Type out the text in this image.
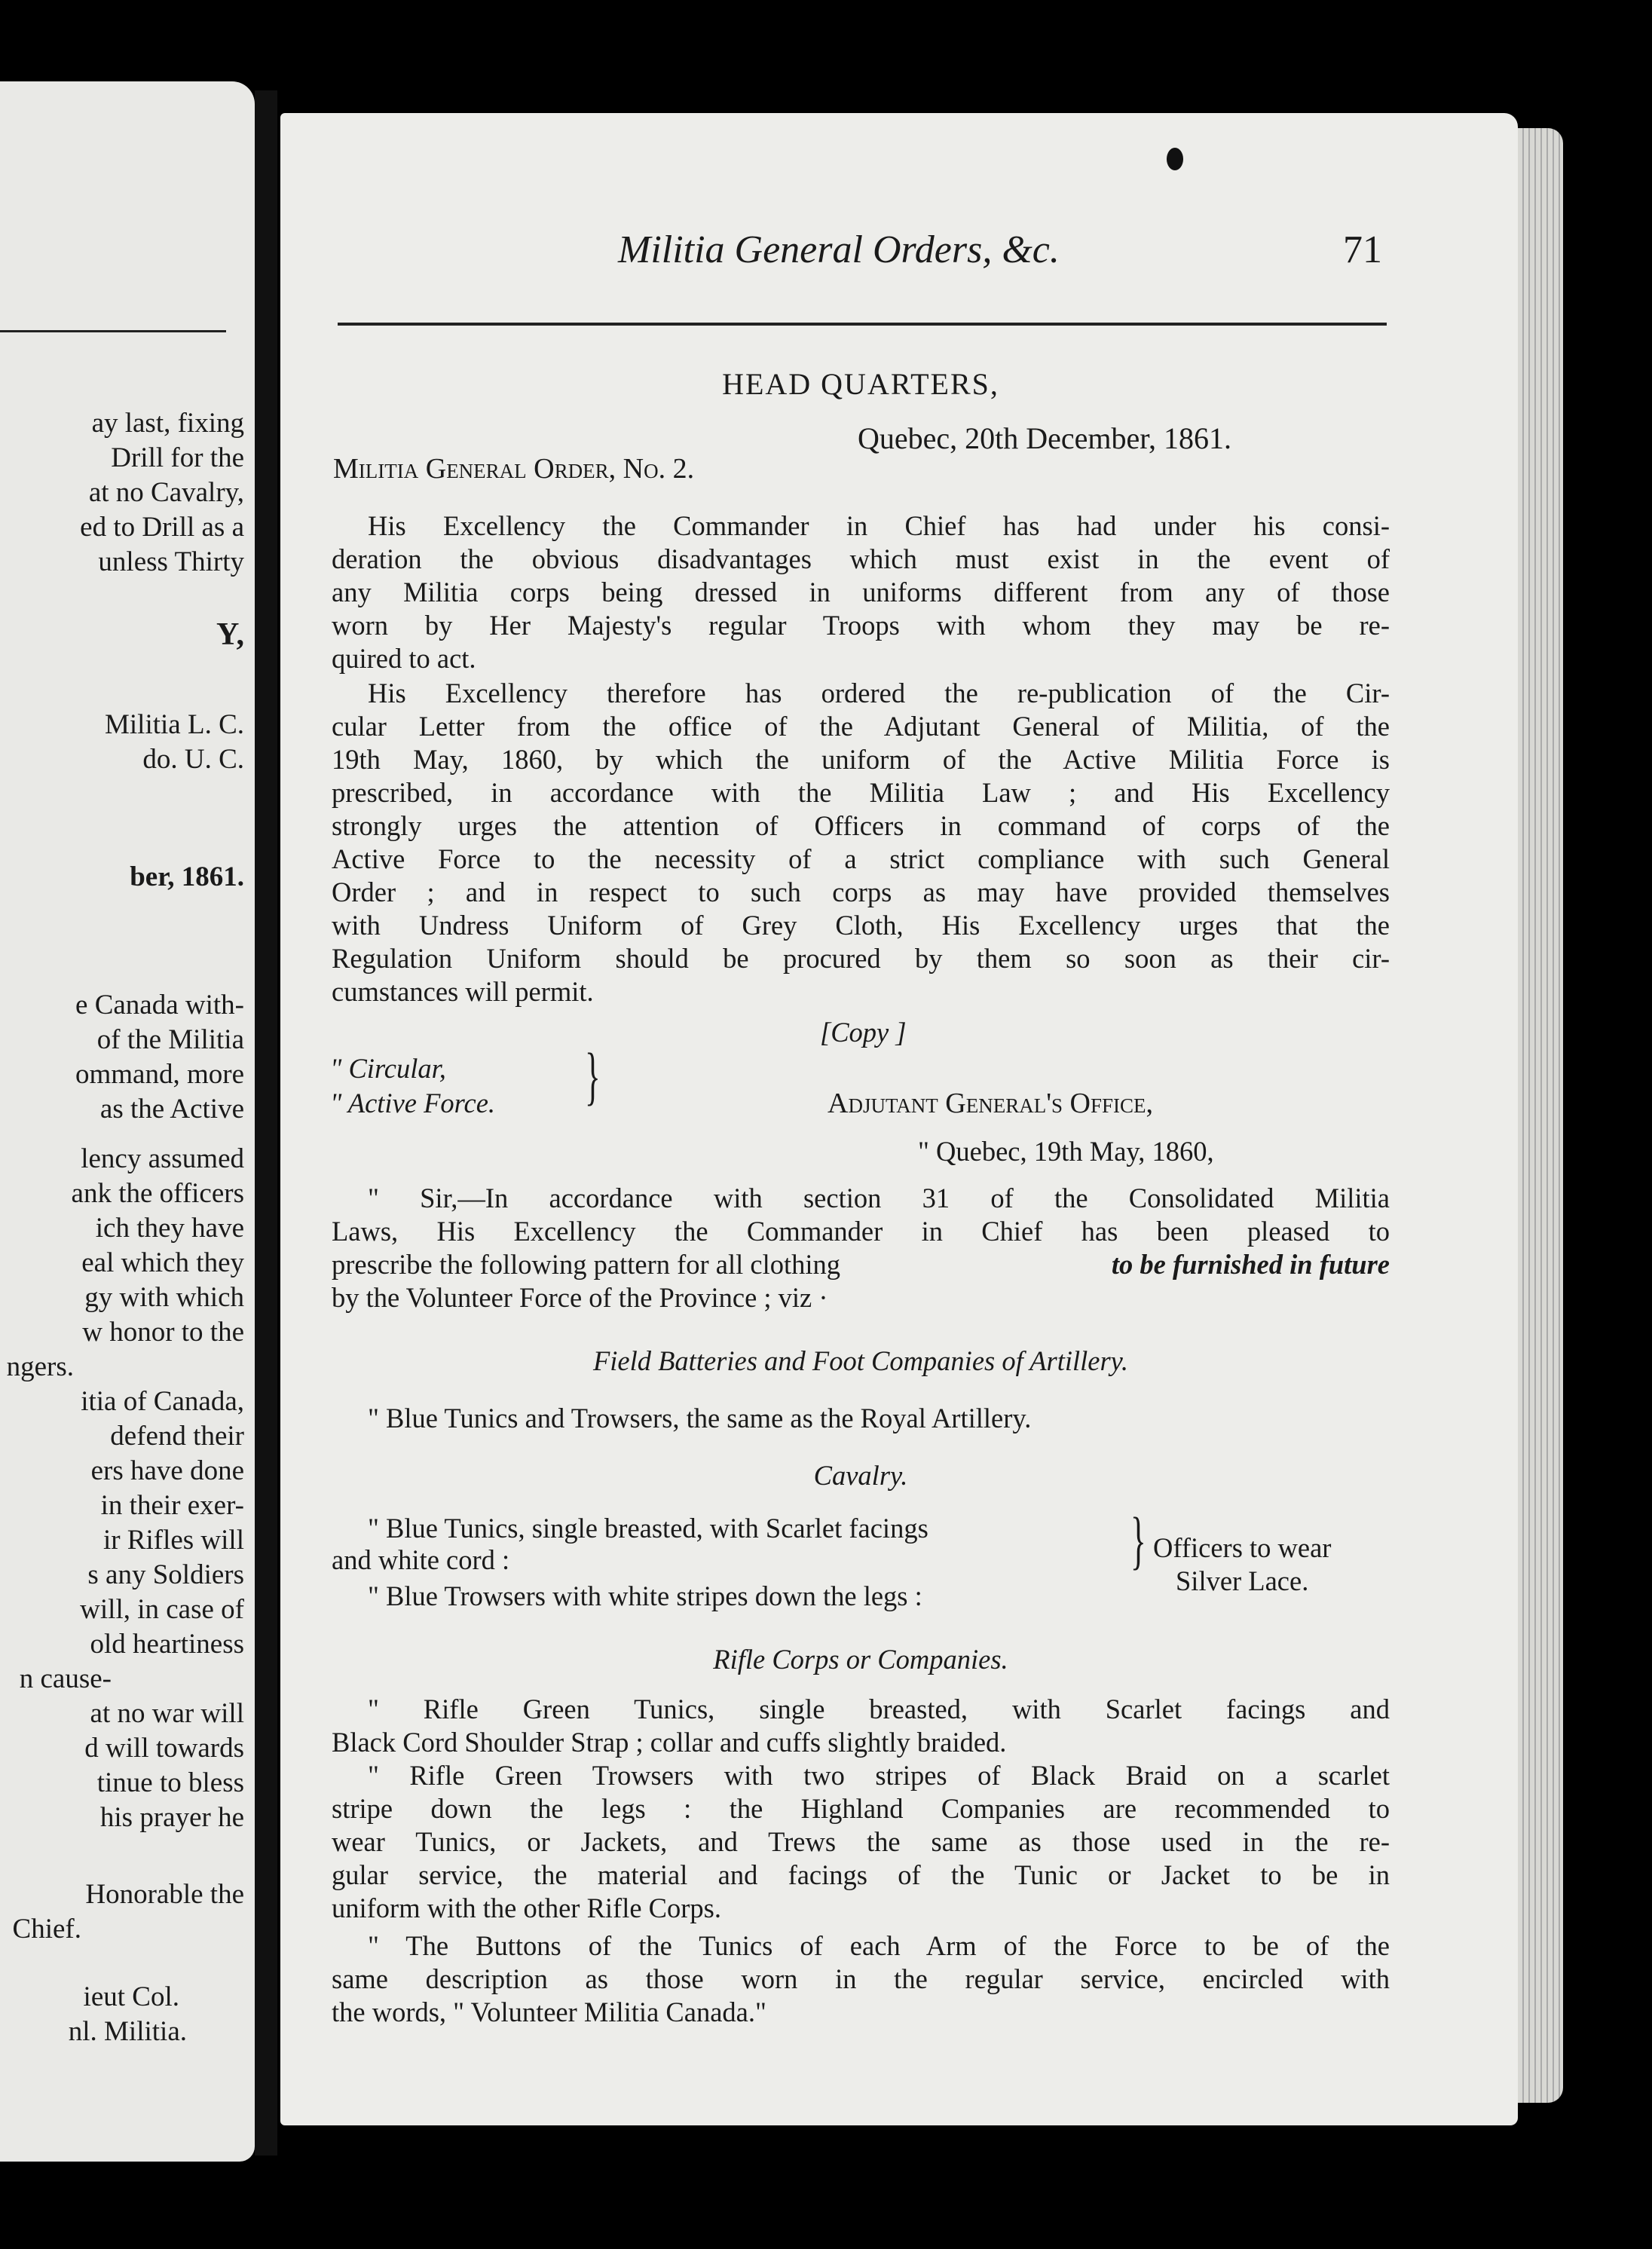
ay last, fixing
Drill for the
at no Cavalry,
ed to Drill as a
unless Thirty
Y,
Militia L. C.
do. U. C.
ber, 1861.
e Canada with-
of the Militia
ommand, more
as the Active
lency assumed
ank the officers
ich they have
eal which they
gy with which
w honor to the
ngers.
itia of Canada,
defend their
ers have done
in their exer-
ir Rifles will
s any Soldiers
will, in case of
old heartiness
n cause-
at no war will
d will towards
tinue to bless
his prayer he
Honorable the
Chief.
ieut Col.
nl. Militia.
Militia General Orders, &c.	71
HEAD QUARTERS,
Quebec, 20th December, 1861.
Militia General Order, No. 2.
His Excellency the Commander in Chief has had under his consi-
deration the obvious disadvantages which must exist in the event of
any Militia corps being dressed in uniforms different from any of those
worn by Her Majesty's regular Troops with whom they may be re-
quired to act.
His Excellency therefore has ordered the re-publication of the Cir-
cular Letter from the office of the Adjutant General of Militia, of the
19th May, 1860, by which the uniform of the Active Militia Force is
prescribed, in accordance with the Militia Law ; and His Excellency
strongly urges the attention of Officers in command of corps of the
Active Force to the necessity of a strict compliance with such General
Order ; and in respect to such corps as may have provided themselves
with Undress Uniform of Grey Cloth, His Excellency urges that the
Regulation Uniform should be procured by them so soon as their cir-
cumstances will permit.
[Copy ]
" Circular,
" Active Force. }	Adjutant General's Office,
" Quebec, 19th May, 1860,
" Sir,—In accordance with section 31 of the Consolidated Militia
Laws, His Excellency the Commander in Chief has been pleased to
prescribe the following pattern for all clothing	to be furnished in future
by the Volunteer Force of the Province ; viz ·
Field Batteries and Foot Companies of Artillery.
" Blue Tunics and Trowsers, the same as the Royal Artillery.
Cavalry.
" Blue Tunics, single breasted, with Scarlet facings
and white cord :
" Blue Trowsers with white stripes down the legs :
} Officers to wear
Silver Lace.
Rifle Corps or Companies.
" Rifle Green Tunics, single breasted, with Scarlet facings and
Black Cord Shoulder Strap ; collar and cuffs slightly braided.
" Rifle Green Trowsers with two stripes of Black Braid on a scarlet
stripe down the legs : the Highland Companies are recommended to
wear Tunics, or Jackets, and Trews the same as those used in the re-
gular service, the material and facings of the Tunic or Jacket to be in
uniform with the other Rifle Corps.
" The Buttons of the Tunics of each Arm of the Force to be of the
same description as those worn in the regular service, encircled with
the words, " Volunteer Militia Canada."
